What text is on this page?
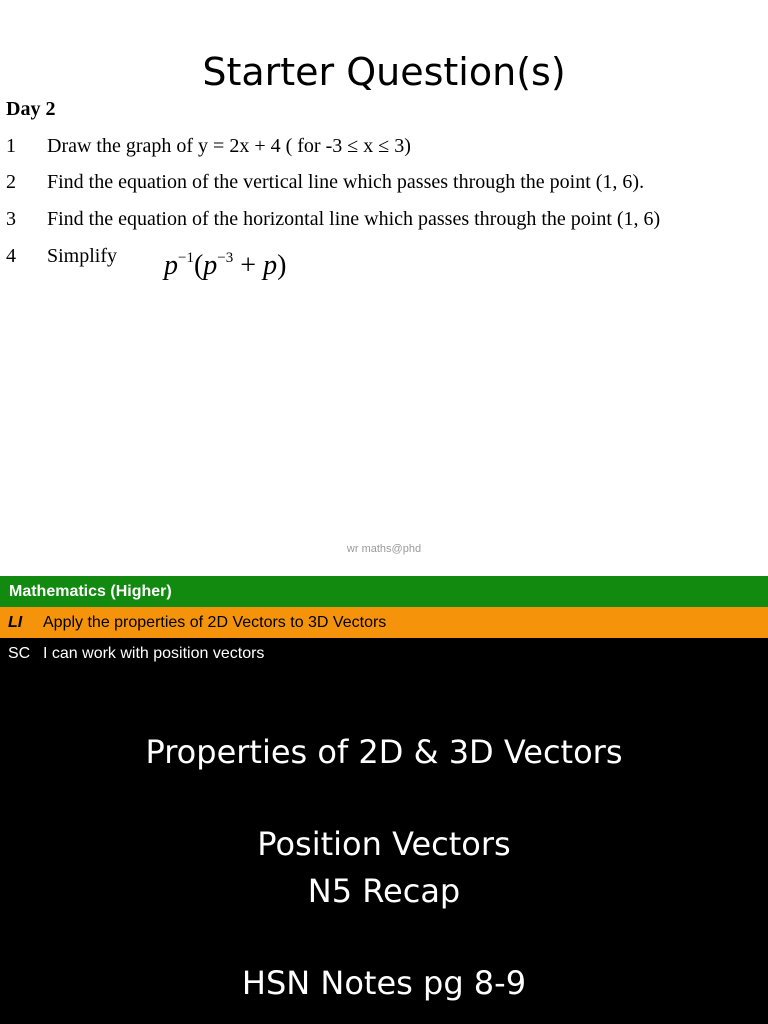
Starter Question(s)
Day 2
1 Draw the graph of y = 2x + 4 ( for -3 ≤ x ≤ 3)
2 Find the equation of the vertical line which passes through the point (1, 6).
3 Find the equation of the horizontal line which passes through the point (1, 6)
4 Simplify $p^{-1}(p^{-3} + p)$
wr maths@phd
Mathematics (Higher)
LI Apply the properties of 2D Vectors to 3D Vectors
SC I can work with position vectors
Properties of 2D & 3D Vectors
Position Vectors
N5 Recap
HSN Notes pg 8-9
